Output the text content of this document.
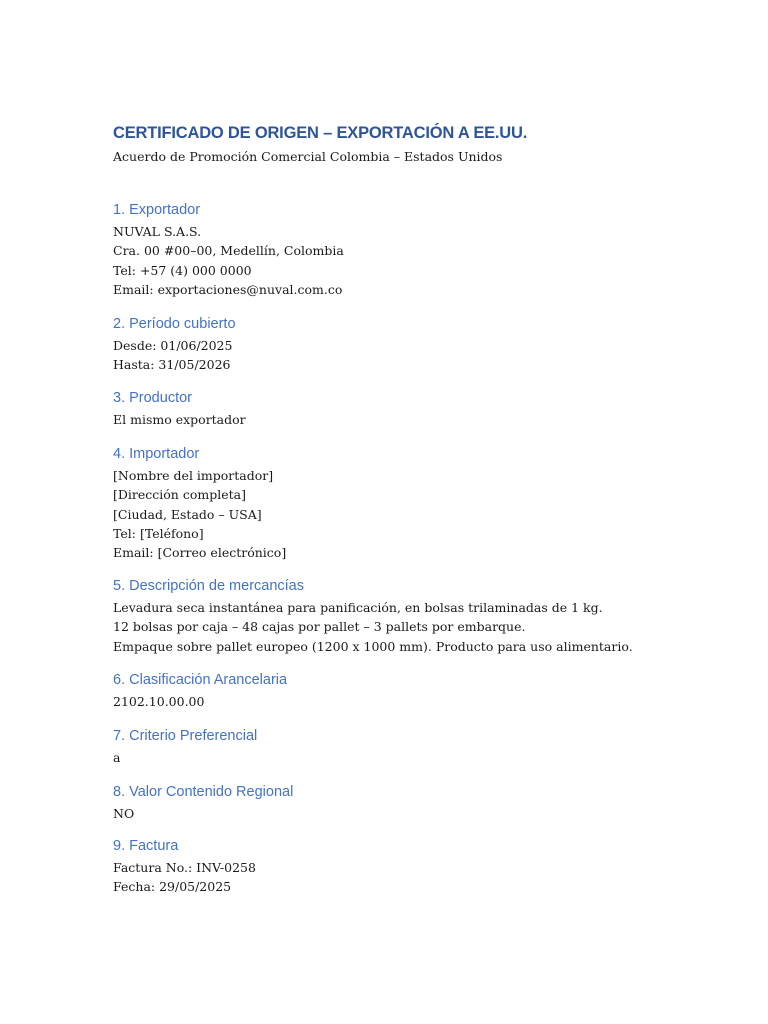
CERTIFICADO DE ORIGEN – EXPORTACIÓN A EE.UU.
Acuerdo de Promoción Comercial Colombia – Estados Unidos
1. Exportador
NUVAL S.A.S.
Cra. 00 #00–00, Medellín, Colombia
Tel: +57 (4) 000 0000
Email: exportaciones@nuval.com.co
2. Período cubierto
Desde: 01/06/2025
Hasta: 31/05/2026
3. Productor
El mismo exportador
4. Importador
[Nombre del importador]
[Dirección completa]
[Ciudad, Estado – USA]
Tel: [Teléfono]
Email: [Correo electrónico]
5. Descripción de mercancías
Levadura seca instantánea para panificación, en bolsas trilaminadas de 1 kg.
12 bolsas por caja – 48 cajas por pallet – 3 pallets por embarque.
Empaque sobre pallet europeo (1200 x 1000 mm). Producto para uso alimentario.
6. Clasificación Arancelaria
2102.10.00.00
7. Criterio Preferencial
a
8. Valor Contenido Regional
NO
9. Factura
Factura No.: INV-0258
Fecha: 29/05/2025
